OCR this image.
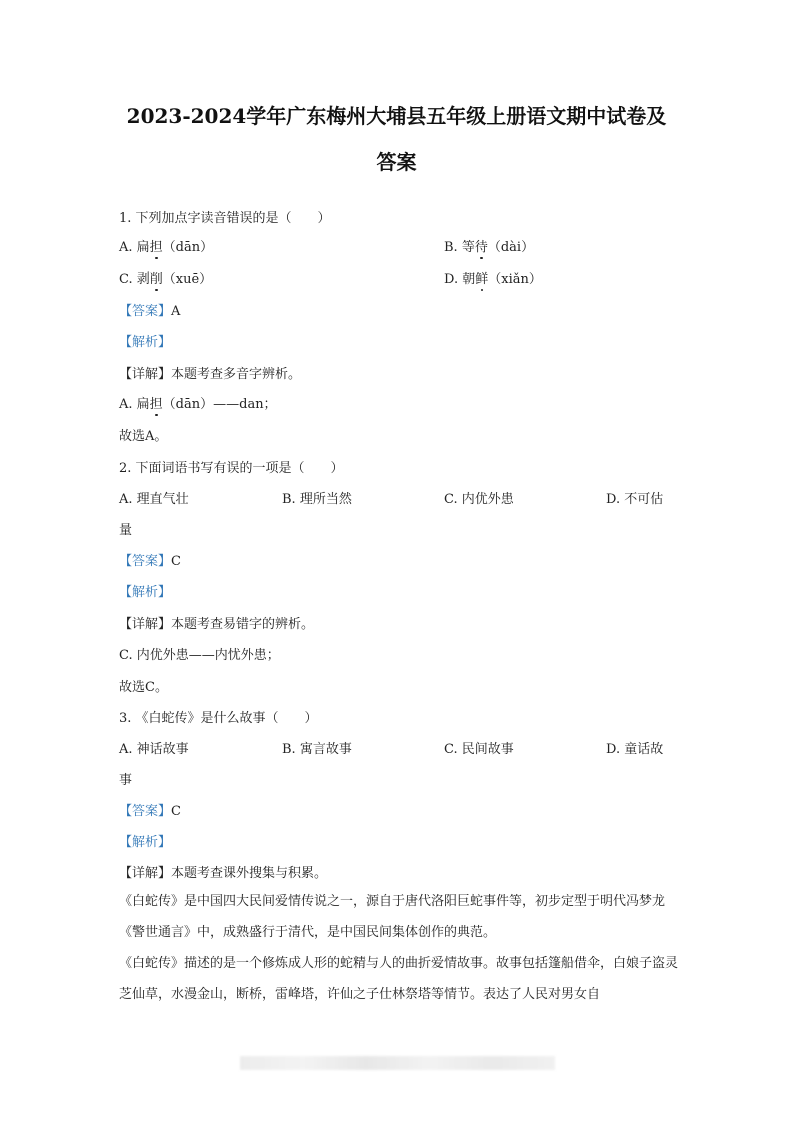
2023-2024学年广东梅州大埔县五年级上册语文期中试卷及
答案
1. 下列加点字读音错误的是（　　）
A. 扁担（dān）	B. 等待（dài）
C. 剥削（xuē）	D. 朝鲜（xiǎn）
【答案】A
【解析】
【详解】本题考查多音字辨析。
A. 扁担（dān）——dan；
故选A。
2. 下面词语书写有误的一项是（　　）
A. 理直气壮	B. 理所当然	C. 内优外患	D. 不可估
量
【答案】C
【解析】
【详解】本题考查易错字的辨析。
C. 内优外患——内忧外患；
故选C。
3. 《白蛇传》是什么故事（　　）
A. 神话故事	B. 寓言故事	C. 民间故事	D. 童话故
事
【答案】C
【解析】
【详解】本题考查课外搜集与积累。
《白蛇传》是中国四大民间爱情传说之一，源自于唐代洛阳巨蛇事件等，初步定型于明代冯梦龙《警世通言》中，成熟盛行于清代，是中国民间集体创作的典范。
《白蛇传》描述的是一个修炼成人形的蛇精与人的曲折爱情故事。故事包括篷船借伞，白娘子盗灵芝仙草，水漫金山，断桥，雷峰塔，许仙之子仕林祭塔等情节。表达了人民对男女自
